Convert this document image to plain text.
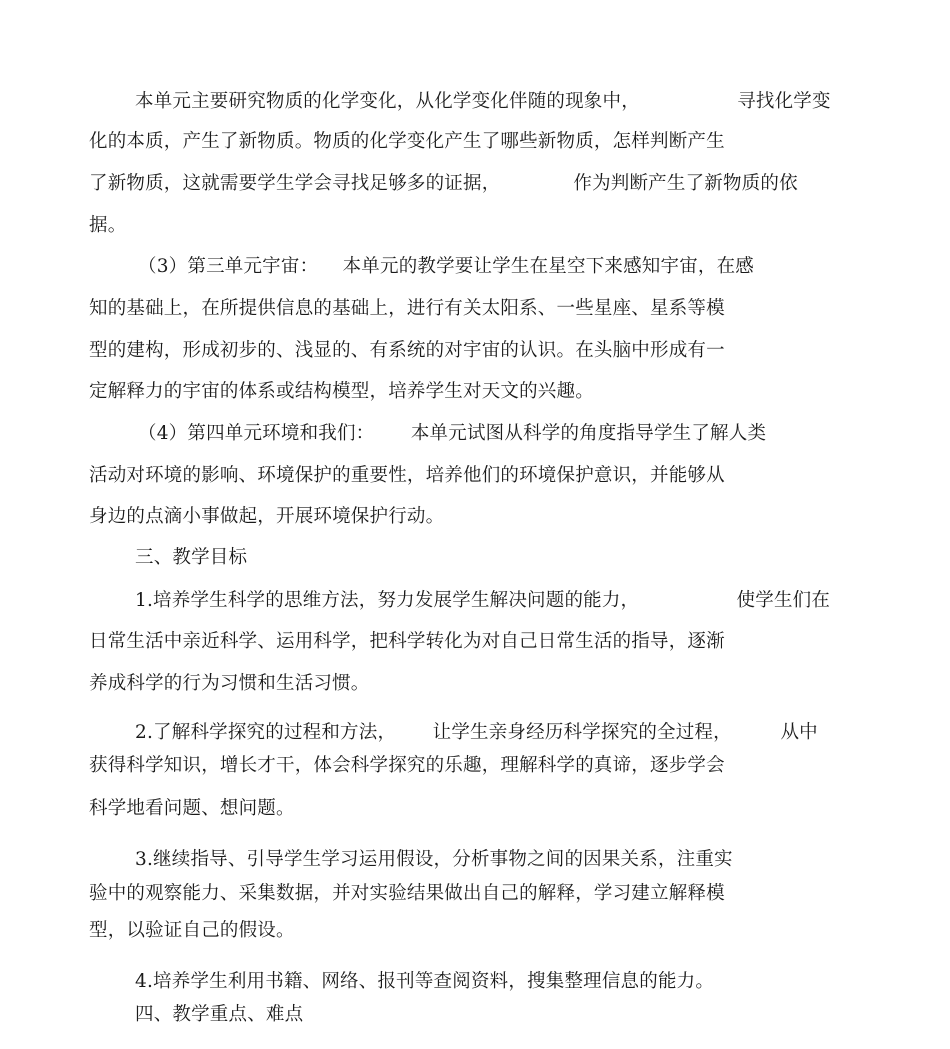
本单元主要研究物质的化学变化，从化学变化伴随的现象中，                寻找化学变
化的本质，产生了新物质。物质的化学变化产生了哪些新物质，怎样判断产生
了新物质，这就需要学生学会寻找足够多的证据，            作为判断产生了新物质的依
据。
（3）第三单元宇宙：    本单元的教学要让学生在星空下来感知宇宙，在感
知的基础上，在所提供信息的基础上，进行有关太阳系、一些星座、星系等模
型的建构，形成初步的、浅显的、有系统的对宇宙的认识。在头脑中形成有一
定解释力的宇宙的体系或结构模型，培养学生对天文的兴趣。
（4）第四单元环境和我们：      本单元试图从科学的角度指导学生了解人类
活动对环境的影响、环境保护的重要性，培养他们的环境保护意识，并能够从
身边的点滴小事做起，开展环境保护行动。
三、教学目标
1.培养学生科学的思维方法，努力发展学生解决问题的能力，                使学生们在
日常生活中亲近科学、运用科学，把科学转化为对自己日常生活的指导，逐渐
养成科学的行为习惯和生活习惯。
2.了解科学探究的过程和方法，      让学生亲身经历科学探究的全过程，        从中
获得科学知识，增长才干，体会科学探究的乐趣，理解科学的真谛，逐步学会
科学地看问题、想问题。
3.继续指导、引导学生学习运用假设，分析事物之间的因果关系，注重实
验中的观察能力、采集数据，并对实验结果做出自己的解释，学习建立解释模
型，以验证自己的假设。
4.培养学生利用书籍、网络、报刊等查阅资料，搜集整理信息的能力。
四、教学重点、难点
